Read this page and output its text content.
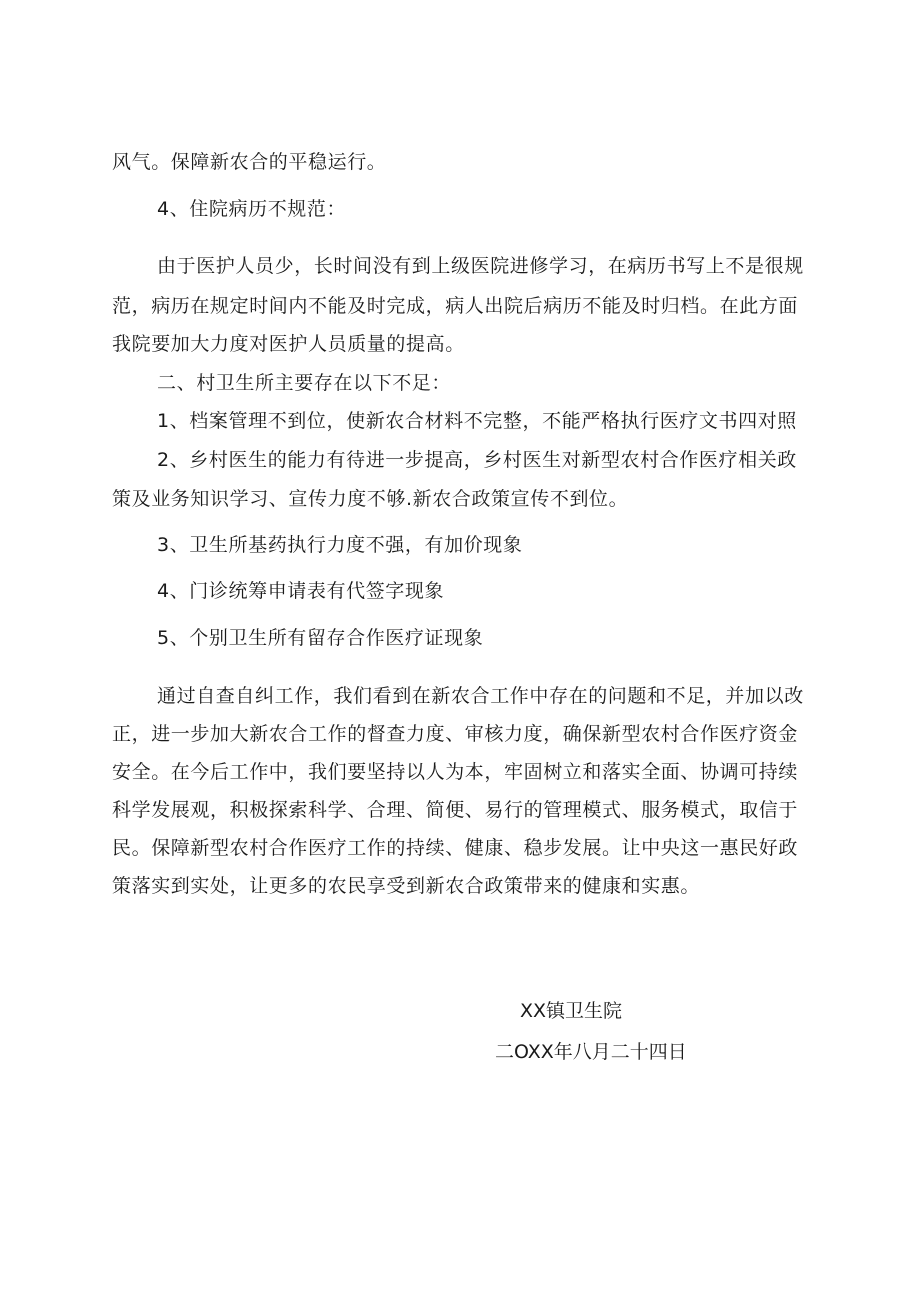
风气。保障新农合的平稳运行。
4、住院病历不规范：
由于医护人员少，长时间没有到上级医院进修学习，在病历书写上不是很规
范，病历在规定时间内不能及时完成，病人出院后病历不能及时归档。在此方面
我院要加大力度对医护人员质量的提高。
二、村卫生所主要存在以下不足：
1、档案管理不到位，使新农合材料不完整，不能严格执行医疗文书四对照
2、乡村医生的能力有待进一步提高，乡村医生对新型农村合作医疗相关政
策及业务知识学习、宣传力度不够.新农合政策宣传不到位。
3、卫生所基药执行力度不强，有加价现象
4、门诊统筹申请表有代签字现象
5、个别卫生所有留存合作医疗证现象
通过自查自纠工作，我们看到在新农合工作中存在的问题和不足，并加以改
正，进一步加大新农合工作的督查力度、审核力度，确保新型农村合作医疗资金
安全。在今后工作中，我们要坚持以人为本，牢固树立和落实全面、协调可持续
科学发展观，积极探索科学、合理、简便、易行的管理模式、服务模式，取信于
民。保障新型农村合作医疗工作的持续、健康、稳步发展。让中央这一惠民好政
策落实到实处，让更多的农民享受到新农合政策带来的健康和实惠。
XX镇卫生院
二OXX年八月二十四日
